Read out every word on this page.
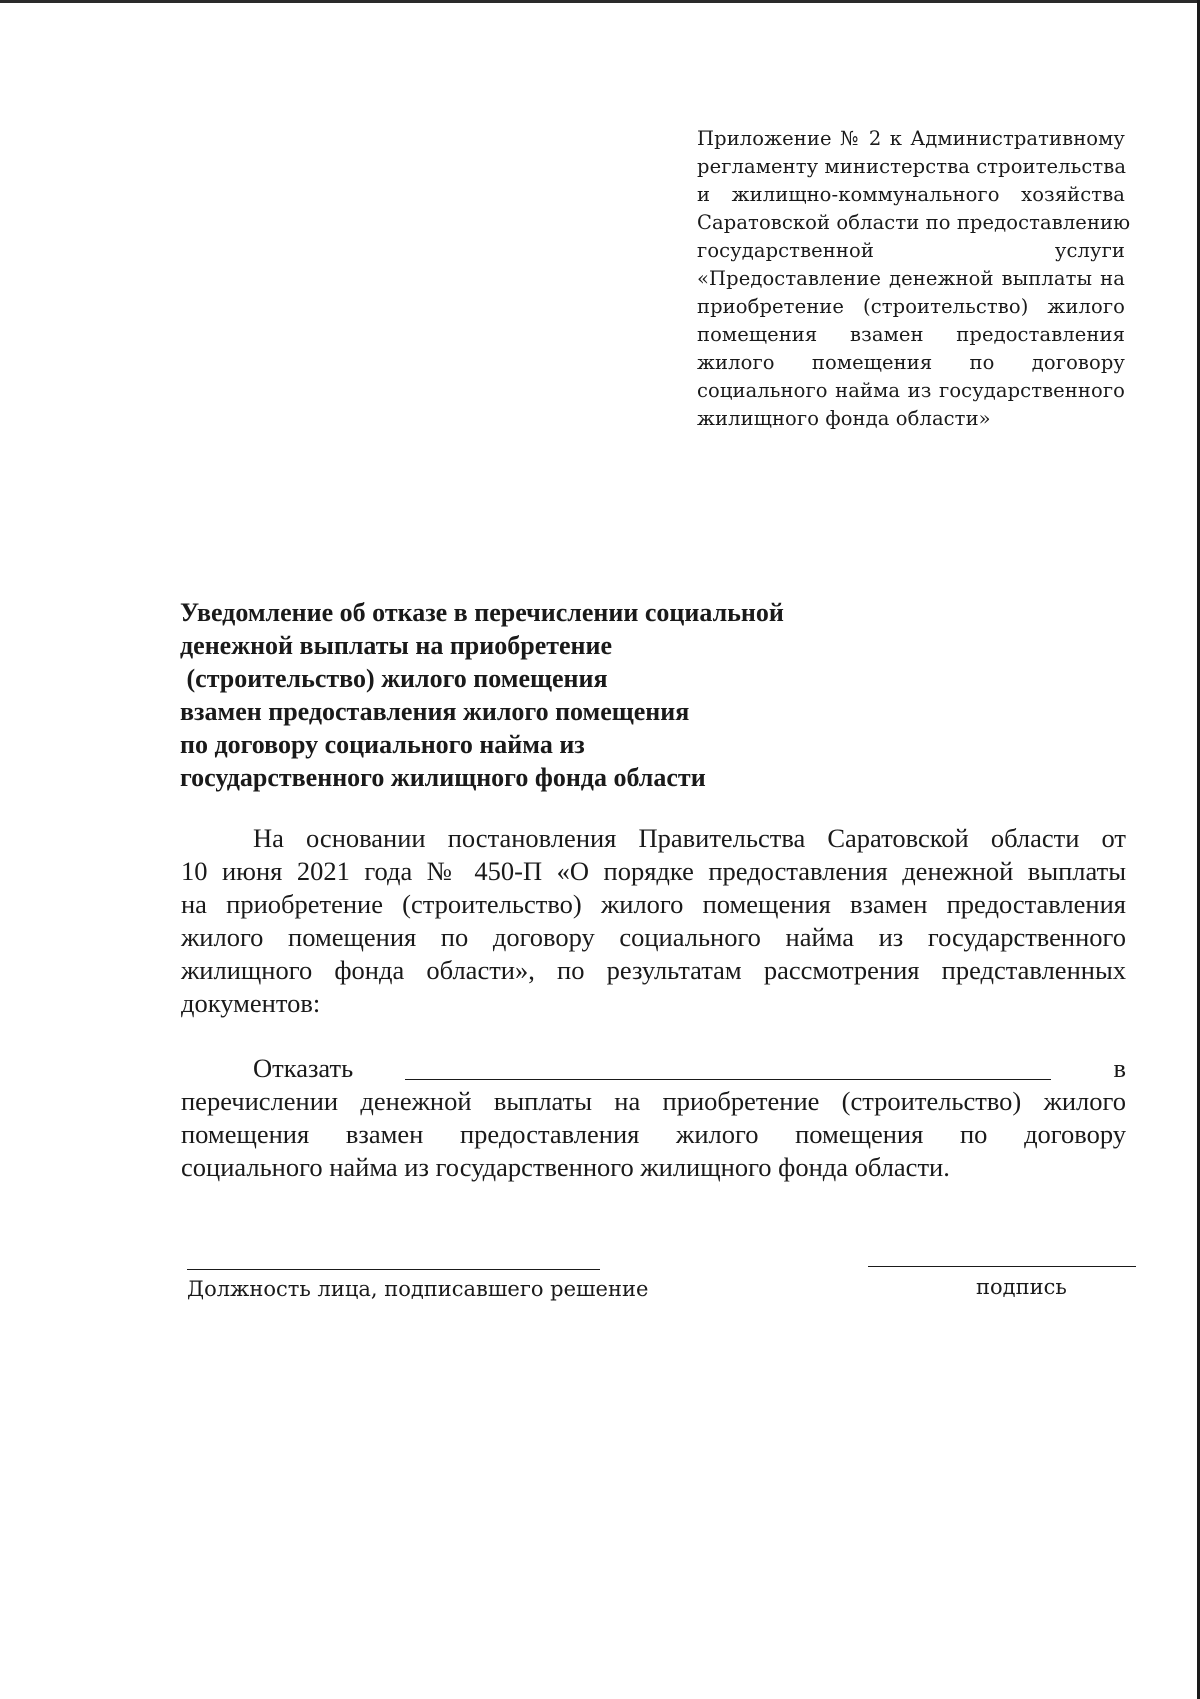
Приложение № 2 к Административному
регламенту министерства строительства
и жилищно-коммунального хозяйства
Саратовской области по предоставлению
государственной услуги
«Предоставление денежной выплаты на
приобретение (строительство) жилого
помещения взамен предоставления
жилого помещения по договору
социального найма из государственного
жилищного фонда области»
Уведомление об отказе в перечислении социальной
денежной выплаты на приобретение
(строительство) жилого помещения
взамен предоставления жилого помещения
по договору социального найма из
государственного жилищного фонда области
На основании постановления Правительства Саратовской области от
10 июня 2021 года № 450-П «О порядке предоставления денежной выплаты
на приобретение (строительство) жилого помещения взамен предоставления
жилого помещения по договору социального найма из государственного
жилищного фонда области», по результатам рассмотрения представленных
документов:
Отказать	в
перечислении денежной выплаты на приобретение (строительство) жилого
помещения взамен предоставления жилого помещения по договору
социального найма из государственного жилищного фонда области.
Должность лица, подписавшего решение	подпись
